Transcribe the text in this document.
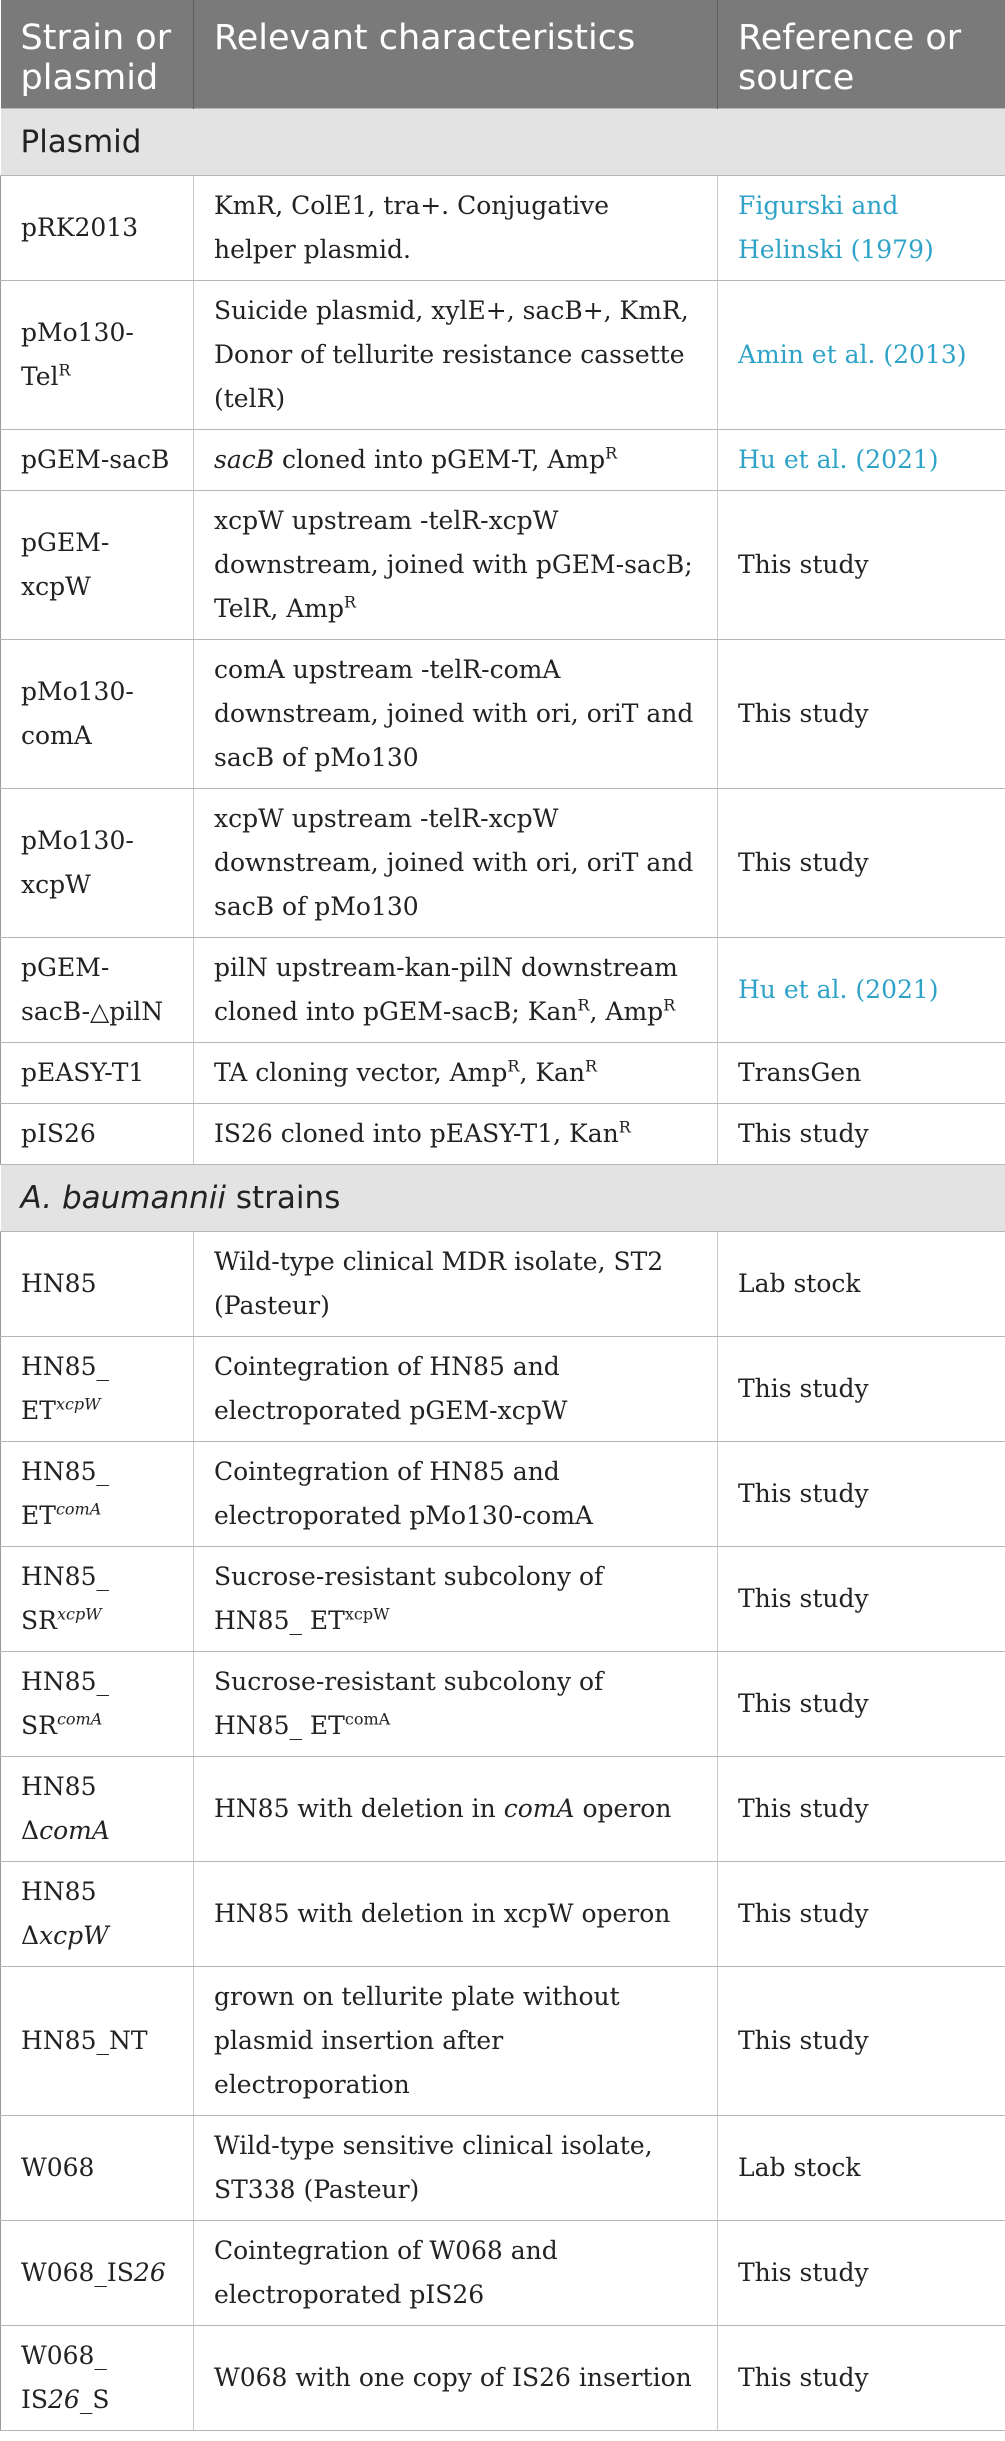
Strain or plasmid	Relevant characteristics	Reference or source
Plasmid		
pRK2013	KmR, ColE1, tra+. Conjugative helper plasmid.	Figurski and Helinski (1979)
pMo130-Tel$^R$	Suicide plasmid, xylE+, sacB+, KmR, Donor of tellurite resistance cassette (telR)	Amin et al. (2013)
pGEM-sacB	sacB cloned into pGEM-T, Amp$^R$	Hu et al. (2021)
pGEM-xcpW	xcpW upstream -telR-xcpW downstream, joined with pGEM-sacB; TelR, Amp$^R$	This study
pMo130-comA	comA upstream -telR-comA downstream, joined with ori, oriT and sacB of pMo130	This study
pMo130-xcpW	xcpW upstream -telR-xcpW downstream, joined with ori, oriT and sacB of pMo130	This study
pGEM-sacB-△pilN	pilN upstream-kan-pilN downstream cloned into pGEM-sacB; Kan$^R$, Amp$^R$	Hu et al. (2021)
pEASY-T1	TA cloning vector, Amp$^R$, Kan$^R$	TransGen
pIS26	IS26 cloned into pEASY-T1, Kan$^R$	This study
A. baumannii strains		
HN85	Wild-type clinical MDR isolate, ST2 (Pasteur)	Lab stock
HN85_ $ET^{xcpW}$	Cointegration of HN85 and electroporated pGEM-xcpW	This study
HN85_ $ET^{comA}$	Cointegration of HN85 and electroporated pMo130-comA	This study
HN85_ $SR^{xcpW}$	Sucrose-resistant subcolony of HN85_ $ET^{xcpW}$	This study
HN85_ $SR^{comA}$	Sucrose-resistant subcolony of HN85_ $ET^{comA}$	This study
HN85 ΔcomA	HN85 with deletion in comA operon	This study
HN85 ΔxcpW	HN85 with deletion in xcpW operon	This study
HN85_NT	grown on tellurite plate without plasmid insertion after electroporation	This study
W068	Wild-type sensitive clinical isolate, ST338 (Pasteur)	Lab stock
W068_IS26	Cointegration of W068 and electroporated pIS26	This study
W068_ IS26_S	W068 with one copy of IS26 insertion	This study
